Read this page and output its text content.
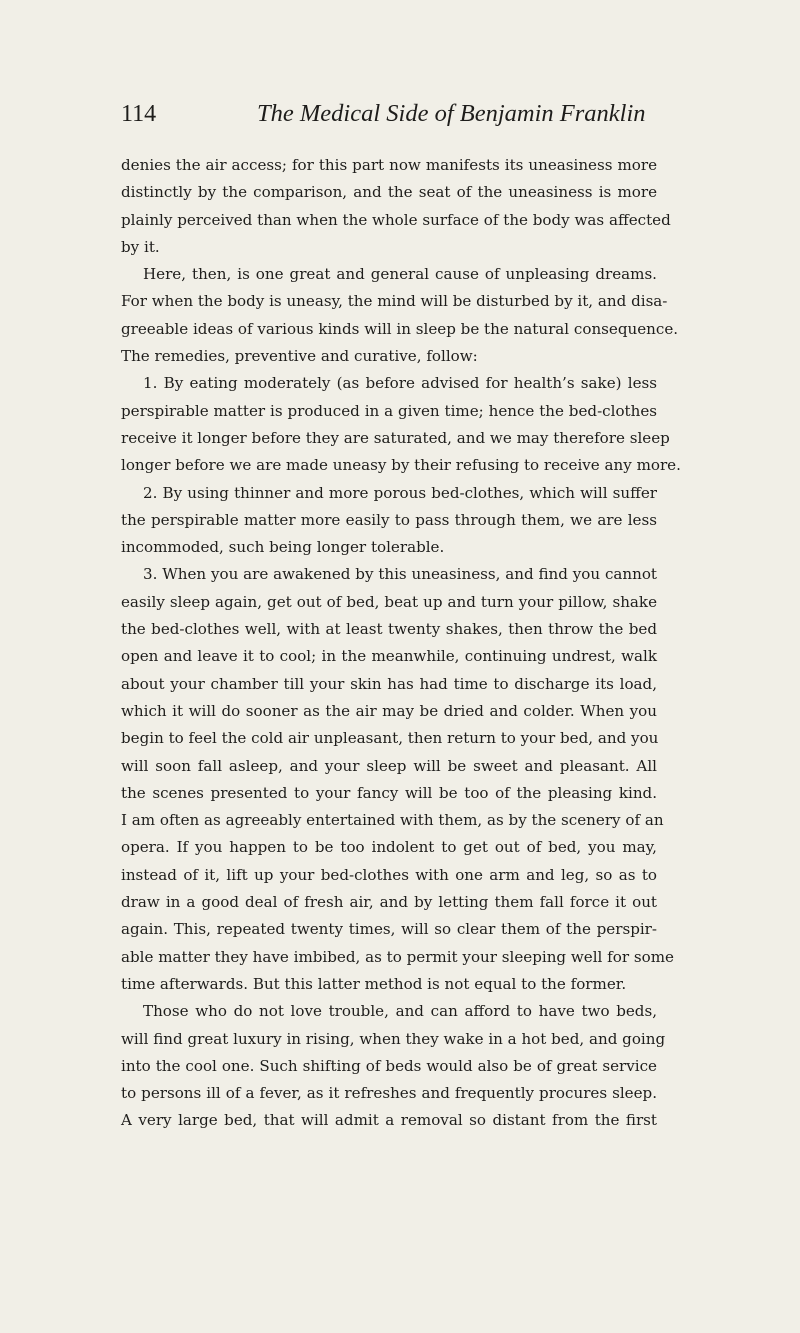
114	The Medical Side of Benjamin Franklin
denies the air access; for this part now manifests its uneasiness more
distinctly by the comparison, and the seat of the uneasiness is more
plainly perceived than when the whole surface of the body was affected
by it.
Here, then, is one great and general cause of unpleasing dreams.
For when the body is uneasy, the mind will be disturbed by it, and disa-
greeable ideas of various kinds will in sleep be the natural consequence.
The remedies, preventive and curative, follow:
1. By eating moderately (as before advised for health’s sake) less
perspirable matter is produced in a given time; hence the bed-clothes
receive it longer before they are saturated, and we may therefore sleep
longer before we are made uneasy by their refusing to receive any more.
2. By using thinner and more porous bed-clothes, which will suffer
the perspirable matter more easily to pass through them, we are less
incommoded, such being longer tolerable.
3. When you are awakened by this uneasiness, and find you cannot
easily sleep again, get out of bed, beat up and turn your pillow, shake
the bed-clothes well, with at least twenty shakes, then throw the bed
open and leave it to cool; in the meanwhile, continuing undrest, walk
about your chamber till your skin has had time to discharge its load,
which it will do sooner as the air may be dried and colder. When you
begin to feel the cold air unpleasant, then return to your bed, and you
will soon fall asleep, and your sleep will be sweet and pleasant. All
the scenes presented to your fancy will be too of the pleasing kind.
I am often as agreeably entertained with them, as by the scenery of an
opera. If you happen to be too indolent to get out of bed, you may,
instead of it, lift up your bed-clothes with one arm and leg, so as to
draw in a good deal of fresh air, and by letting them fall force it out
again. This, repeated twenty times, will so clear them of the perspir-
able matter they have imbibed, as to permit your sleeping well for some
time afterwards. But this latter method is not equal to the former.
Those who do not love trouble, and can afford to have two beds,
will find great luxury in rising, when they wake in a hot bed, and going
into the cool one. Such shifting of beds would also be of great service
to persons ill of a fever, as it refreshes and frequently procures sleep.
A very large bed, that will admit a removal so distant from the first
